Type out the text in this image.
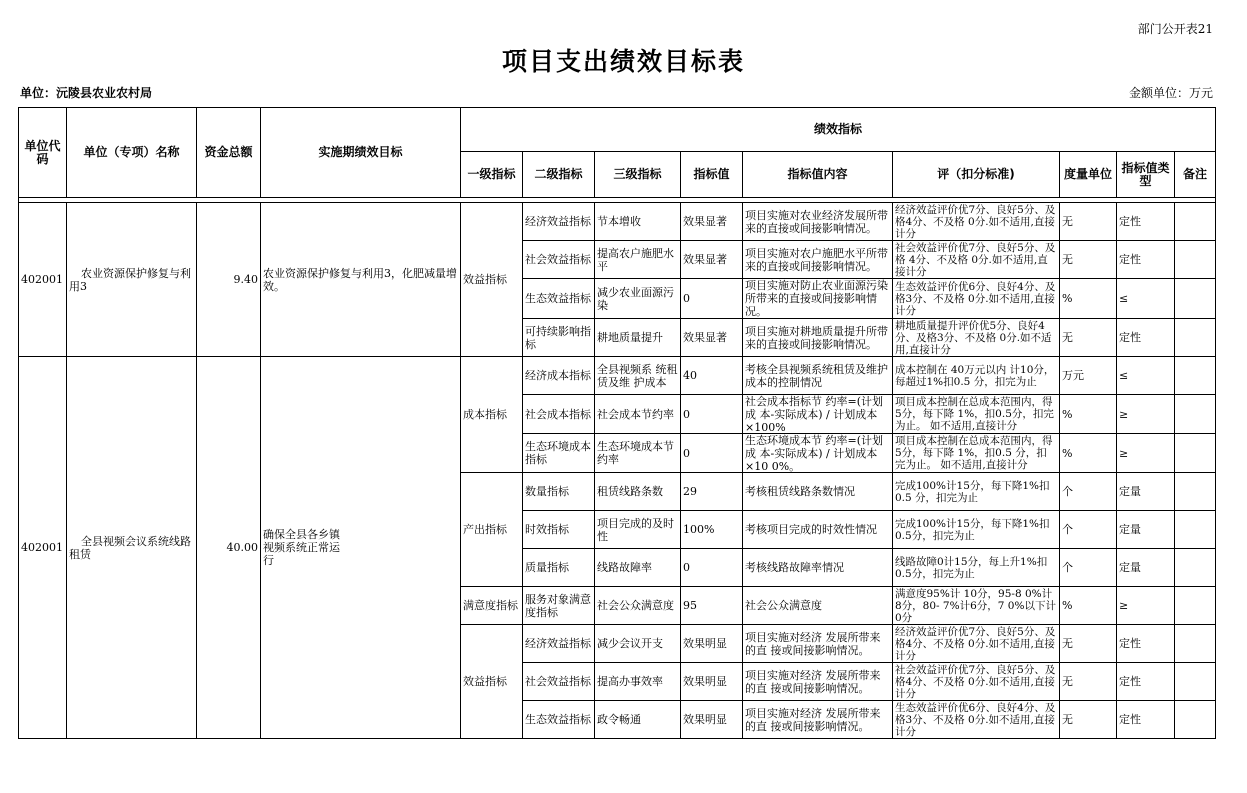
部门公开表21
项目支出绩效目标表
单位：沅陵县农业农村局	金额单位：万元
单位代码	单位（专项）名称	资金总额	实施期绩效目标	绩效指标								
				一级指标	二级指标	三级指标	指标值	指标值内容	评（扣分标准)	度量单位	指标值类型	备注

402001	农业资源保护修复与利用3	9.40	农业资源保护修复与利用3，化肥减量增效。	效益指标	经济效益指标	节本增收	效果显著	项目实施对农业经济发展所带来的直接或间接影响情况。	经济效益评价优7分、良好5分、及格4分、不及格 0分.如不适用,直接计分	无	定性	
					社会效益指标	提高农户施肥水平	效果显著	项目实施对农户施肥水平所带来的直接或间接影响情况。	社会效益评价优7分、良好5分、及格 4分、不及格 0分.如不适用,直接计分	无	定性	
					生态效益指标	减少农业面源污染	0	项目实施对防止农业面源污染所带来的直接或间接影响情况。	生态效益评价优6分、良好4分、及格3分、不及格 0分.如不适用,直接计分	%	≤	
					可持续影响指标	耕地质量提升	效果显著	项目实施对耕地质量提升所带来的直接或间接影响情况。	耕地质量提升评价优5分、良好4分、及格3分、不及格 0分.如不适用,直接计分	无	定性	
402001	全县视频会议系统线路租赁	40.00	确保全县各乡镇视频系统正常运行	成本指标	经济成本指标	全县视频系 统租赁及维 护成本	40	考核全县视频系统租赁及维护成本的控制情况	成本控制在 40万元以内 计10分，每超过1%扣0.5 分，扣完为止	万元	≤	
					社会成本指标	社会成本节约率	0	社会成本指标节 约率=(计划成 本-实际成本) / 计划成本×100%	项目成本控制在总成本范围内，得5分，每下降 1%，扣0.5分，扣完为止。 如不适用,直接计分	%	≥	
					生态环境成本指标	生态环境成本节约率	0	生态环境成本节 约率=(计划成 本-实际成本) / 计划成本×10 0%。	项目成本控制在总成本范围内，得5分，每下降 1%，扣0.5 分，扣完为止。 如不适用,直接计分	%	≥	
				产出指标	数量指标	租赁线路条数	29	考核租赁线路条数情况	完成100%计15分，每下降1%扣0.5 分，扣完为止	个	定量	
					时效指标	项目完成的及时性	100%	考核项目完成的时效性情况	完成100%计15分，每下降1%扣0.5分，扣完为止	个	定量	
					质量指标	线路故障率	0	考核线路故障率情况	线路故障0计15分，每上升1%扣0.5分，扣完为止	个	定量	
				满意度指标	服务对象满意度指标	社会公众满意度	95	社会公众满意度	满意度95%计 10分，95-8 0%计8分，80- 7%计6分，7 0%以下计0分	%	≥	
				效益指标	经济效益指标	减少会议开支	效果明显	项目实施对经济 发展所带来的直 接或间接影响情况。	经济效益评价优7分、良好5分、及格4分、不及格 0分.如不适用,直接计分	无	定性	
					社会效益指标	提高办事效率	效果明显	项目实施对经济 发展所带来的直 接或间接影响情况。	社会效益评价优7分、良好5分、及格4分、不及格 0分.如不适用,直接计分	无	定性	
					生态效益指标	政令畅通	效果明显	项目实施对经济 发展所带来的直 接或间接影响情况。	生态效益评价优6分、良好4分、及格3分、不及格 0分.如不适用,直接计分	无	定性	
